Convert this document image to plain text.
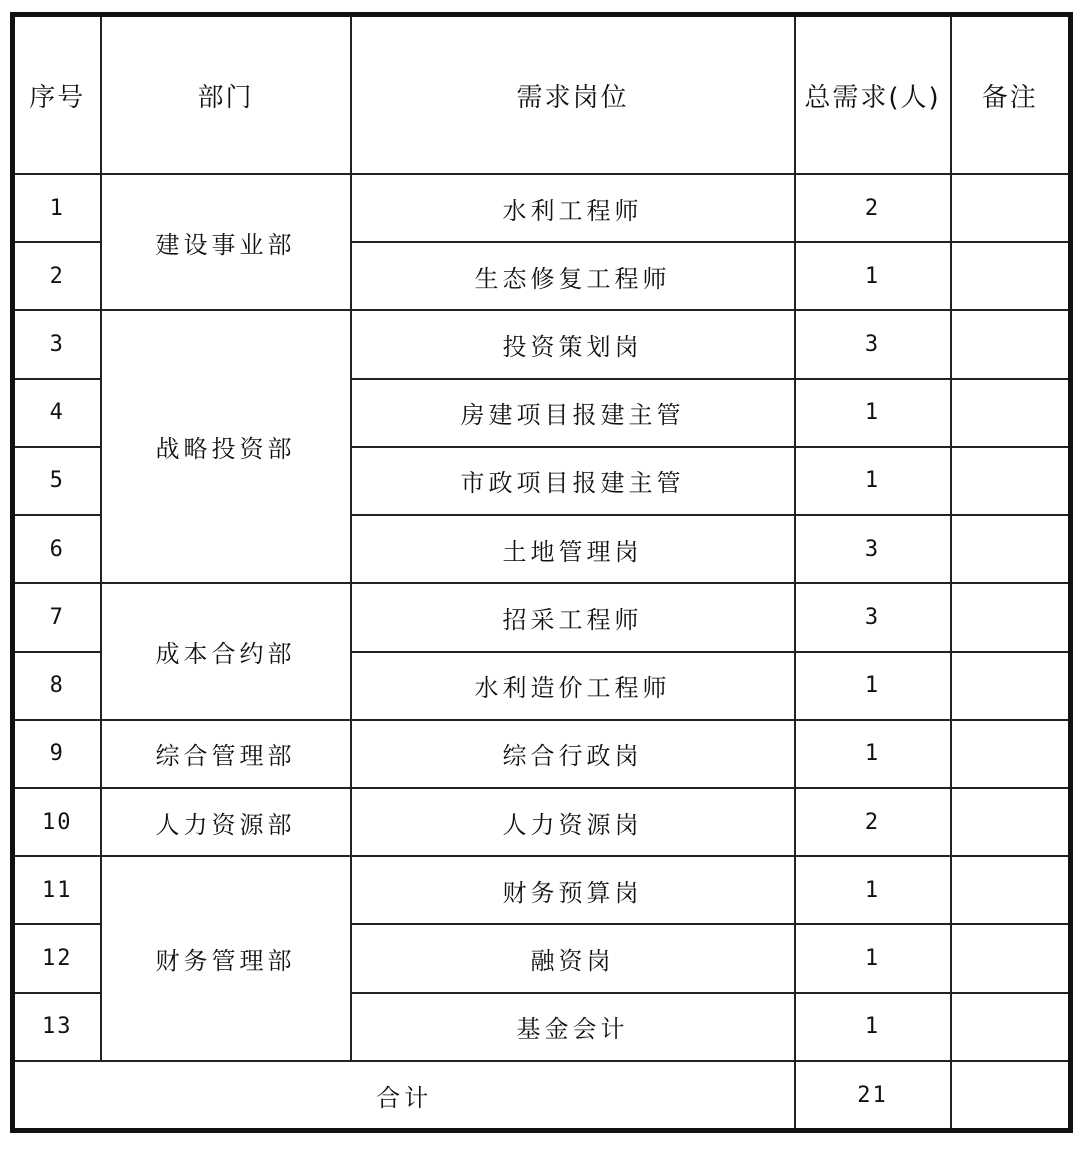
序号	部门	需求岗位	总需求(人)	备注
1	建设事业部	水利工程师	2	
2		生态修复工程师	1	
3	战略投资部	投资策划岗	3	
4		房建项目报建主管	1	
5		市政项目报建主管	1	
6		土地管理岗	3	
7	成本合约部	招采工程师	3	
8		水利造价工程师	1	
9	综合管理部	综合行政岗	1	
10	人力资源部	人力资源岗	2	
11	财务管理部	财务预算岗	1	
12		融资岗	1	
13		基金会计	1	
合计			21	
